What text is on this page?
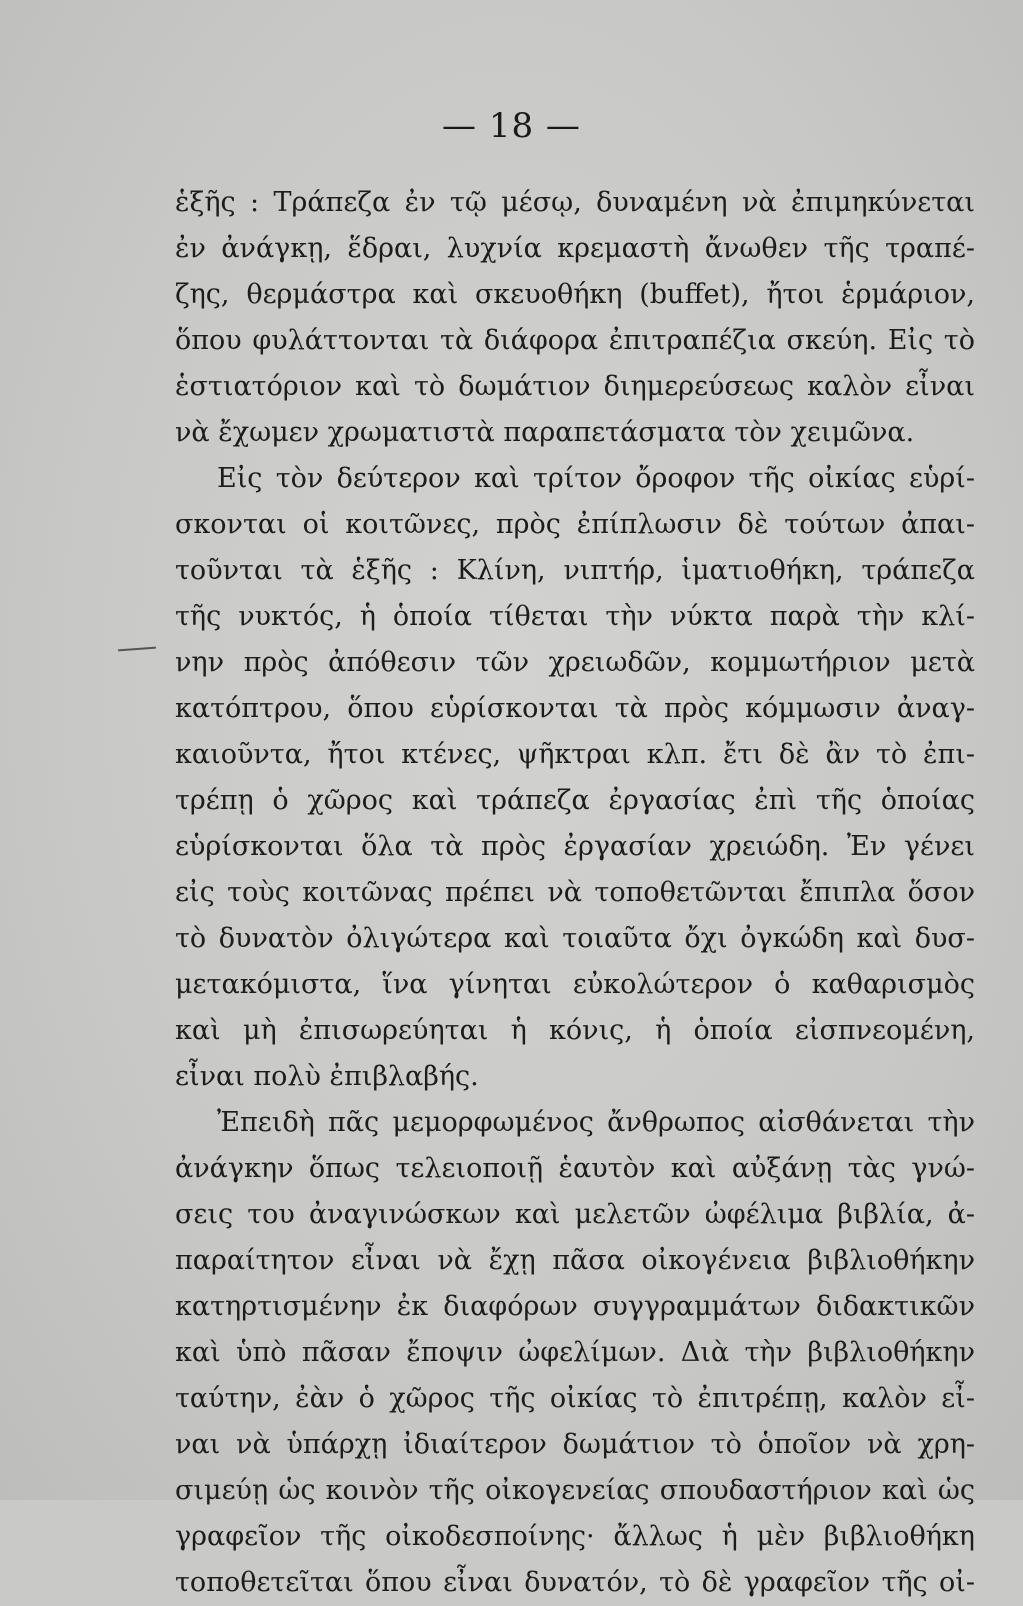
— 18 —
ἑξῆς : Τράπεζα ἐν τῷ μέσῳ, δυναμένη νὰ ἐπιμηκύνεται
ἐν ἀνάγκῃ, ἕδραι, λυχνία κρεμαστὴ ἄνωθεν τῆς τραπέ-
ζης, θερμάστρα καὶ σκευοθήκη (buffet), ἤτοι ἑρμάριον,
ὅπου φυλάττονται τὰ διάφορα ἐπιτραπέζια σκεύη. Εἰς τὸ
ἑστιατόριον καὶ τὸ δωμάτιον διημερεύσεως καλὸν εἶναι
νὰ ἔχωμεν χρωματιστὰ παραπετάσματα τὸν χειμῶνα.
Εἰς τὸν δεύτερον καὶ τρίτον ὄροφον τῆς οἰκίας εὑρί-
σκονται οἱ κοιτῶνες, πρὸς ἐπίπλωσιν δὲ τούτων ἀπαι-
τοῦνται τὰ ἑξῆς : Κλίνη, νιπτήρ, ἱματιοθήκη, τράπεζα
τῆς νυκτός, ἡ ὁποία τίθεται τὴν νύκτα παρὰ τὴν κλί-
νην πρὸς ἀπόθεσιν τῶν χρειωδῶν, κομμωτήριον μετὰ
κατόπτρου, ὅπου εὑρίσκονται τὰ πρὸς κόμμωσιν ἀναγ-
καιοῦντα, ἤτοι κτένες, ψῆκτραι κλπ. ἔτι δὲ ἂν τὸ ἐπι-
τρέπῃ ὁ χῶρος καὶ τράπεζα ἐργασίας ἐπὶ τῆς ὁποίας
εὑρίσκονται ὅλα τὰ πρὸς ἐργασίαν χρειώδη. Ἐν γένει
εἰς τοὺς κοιτῶνας πρέπει νὰ τοποθετῶνται ἔπιπλα ὅσον
τὸ δυνατὸν ὀλιγώτερα καὶ τοιαῦτα ὄχι ὀγκώδη καὶ δυσ-
μετακόμιστα, ἵνα γίνηται εὐκολώτερον ὁ καθαρισμὸς
καὶ μὴ ἐπισωρεύηται ἡ κόνις, ἡ ὁποία εἰσπνεομένη,
εἶναι πολὺ ἐπιβλαβής.
Ἐπειδὴ πᾶς μεμορφωμένος ἄνθρωπος αἰσθάνεται τὴν
ἀνάγκην ὅπως τελειοποιῇ ἑαυτὸν καὶ αὐξάνῃ τὰς γνώ-
σεις του ἀναγινώσκων καὶ μελετῶν ὠφέλιμα βιβλία, ἀ-
παραίτητον εἶναι νὰ ἔχῃ πᾶσα οἰκογένεια βιβλιοθήκην
κατηρτισμένην ἐκ διαφόρων συγγραμμάτων διδακτικῶν
καὶ ὑπὸ πᾶσαν ἔποψιν ὠφελίμων. Διὰ τὴν βιβλιοθήκην
ταύτην, ἐὰν ὁ χῶρος τῆς οἰκίας τὸ ἐπιτρέπῃ, καλὸν εἶ-
ναι νὰ ὑπάρχῃ ἰδιαίτερον δωμάτιον τὸ ὁποῖον νὰ χρη-
σιμεύῃ ὡς κοινὸν τῆς οἰκογενείας σπουδαστήριον καὶ ὡς
γραφεῖον τῆς οἰκοδεσποίνης· ἄλλως ἡ μὲν βιβλιοθήκη
τοποθετεῖται ὅπου εἶναι δυνατόν, τὸ δὲ γραφεῖον τῆς οἰ-
